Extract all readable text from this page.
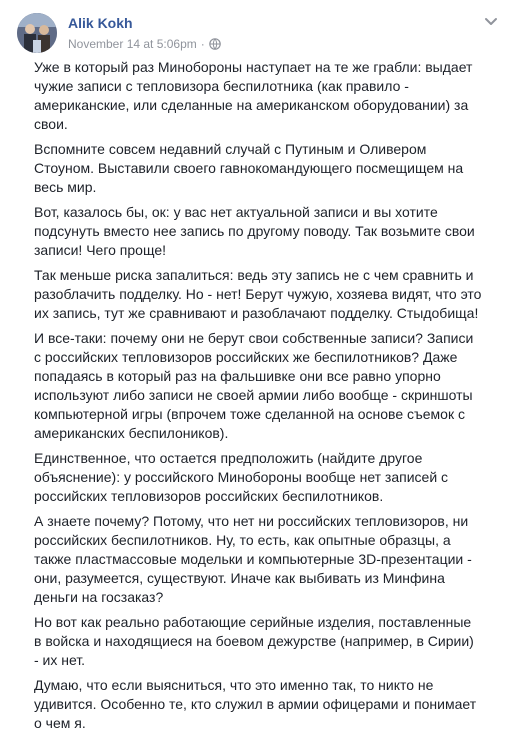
Alik Kokh
November 14 at 5:06pm ·

Уже в который раз Минобороны наступает на те же грабли: выдает чужие записи с тепловизора беспилотника (как правило - американские, или сделанные на американском оборудовании) за свои.

Вспомните совсем недавний случай с Путиным и Оливером Стоуном. Выставили своего гавнокомандующего посмещищем на весь мир.

Вот, казалось бы, ок: у вас нет актуальной записи и вы хотите подсунуть вместо нее запись по другому поводу. Так возьмите свои записи! Чего проще!

Так меньше риска запалиться: ведь эту запись не с чем сравнить и разоблачить подделку. Но - нет! Берут чужую, хозяева видят, что это их запись, тут же сравнивают и разоблачают подделку. Стыдобища!

И все-таки: почему они не берут свои собственные записи? Записи с российских тепловизоров российских же беспилотников? Даже попадаясь в который раз на фальшивке они все равно упорно используют либо записи не своей армии либо вообще - скриншоты компьютерной игры (впрочем тоже сделанной на основе съемок с американских беспилоников).

Единственное, что остается предположить (найдите другое объяснение): у российского Минобороны вообще нет записей с российских тепловизоров российских беспилотников.

А знаете почему? Потому, что нет ни российских тепловизоров, ни российских беспилотников. Ну, то есть, как опытные образцы, а также пластмассовые модельки и компьютерные 3D-презентации - они, разумеется, существуют. Иначе как выбивать из Минфина деньги на госзаказ?

Но вот как реально работающие серийные изделия, поставленные в войска и находящиеся на боевом дежурстве (например, в Сирии) - их нет.

Думаю, что если выясниться, что это именно так, то никто не удивится. Особенно те, кто служил в армии офицерами и понимает о чем я.
